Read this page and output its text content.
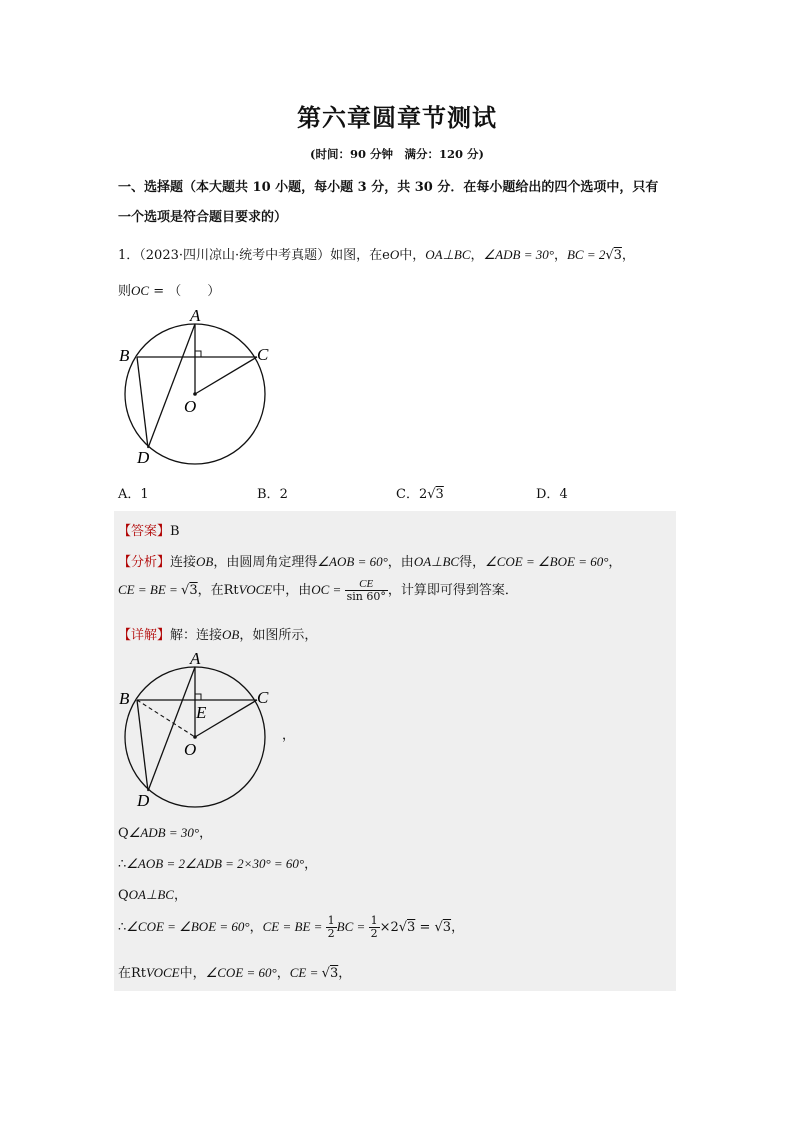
第六章圆章节测试
(时间：90 分钟　满分：120 分)
一、选择题（本大题共 10 小题，每小题 3 分，共 30 分．在每小题给出的四个选项中，只有
一个选项是符合题目要求的）
1．（2023·四川凉山·统考中考真题）如图，在eO中，OA⊥BC，∠ADB = 30°，BC = 2√3，
则OC = （　　）
A
B	C
D
O
A．1	B．2	C．2√3	D．4
【答案】B
【分析】连接OB，由圆周角定理得∠AOB = 60°，由OA⊥BC得，∠COE = ∠BOE = 60°，
CE = BE = √3，在RtVOCE中，由OC = $\frac{CE}{\sin 60^\circ}$ ，计算即可得到答案．
【详解】解：连接OB，如图所示，
A
B	C
D
O
E
，
Q∠ADB = 30°，
∴∠AOB = 2∠ADB = 2×30° = 60°，
QOA⊥BC，
∴∠COE = ∠BOE = 60°，CE = BE = $\frac{1}{2}$ BC = $\frac{1}{2} \times 2√3 = √3$，
在RtVOCE中，∠COE = 60°，CE = √3，
